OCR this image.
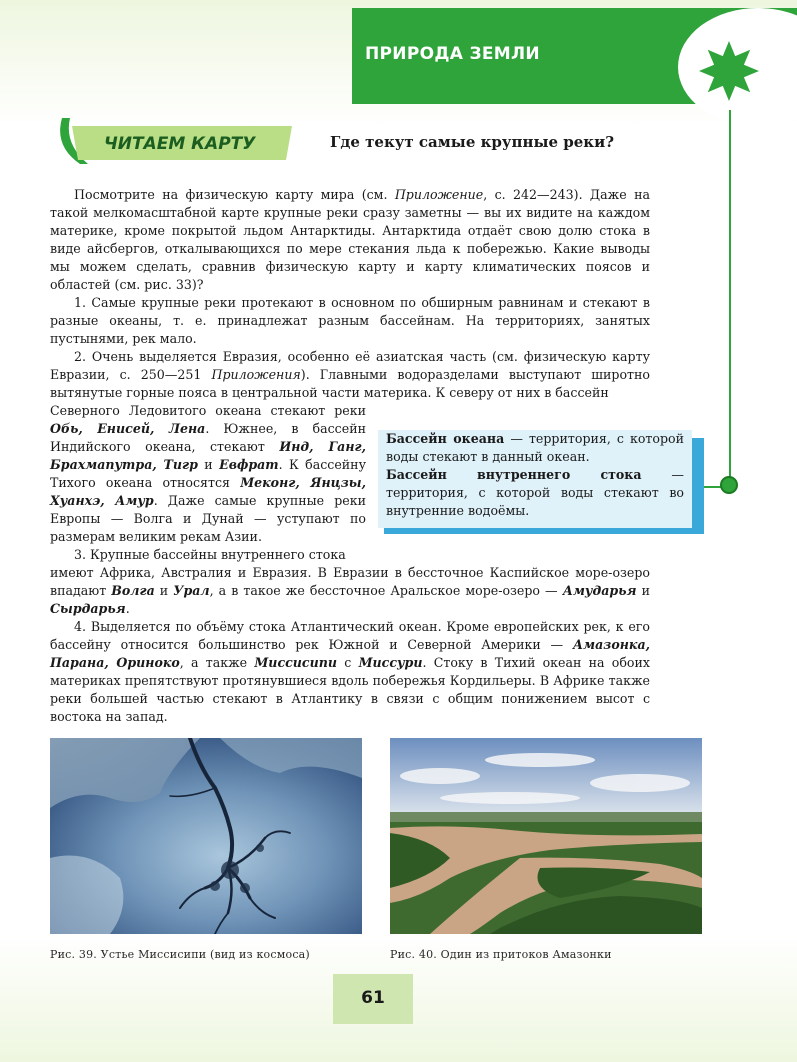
ПРИРОДА ЗЕМЛИ
ЧИТАЕМ КАРТУ	Где текут самые крупные реки?

Посмотрите на физическую карту мира (см. Приложение, с. 242—243). Даже на такой мелкомасштабной карте крупные реки сразу заметны — вы их видите на каждом материке, кроме покрытой льдом Антарктиды. Антарктида отдаёт свою долю стока в виде айсбергов, откалывающихся по мере стекания льда к побережью. Какие выводы мы можем сделать, сравнив физическую карту и карту климатических поясов и областей (см. рис. 33)?

1. Самые крупные реки протекают в основном по обширным равнинам и стекают в разные океаны, т. е. принадлежат разным бассейнам. На территориях, занятых пустынями, рек мало.

2. Очень выделяется Евразия, особенно её азиатская часть (см. физическую карту Евразии, с. 250—251 Приложения). Главными водоразделами выступают широтно вытянутые горные пояса в центральной части материка. К северу от них в бассейн

Северного Ледовитого океана стекают реки Обь, Енисей, Лена. Южнее, в бассейн Индийского океана, стекают Инд, Ганг, Брахмапутра, Тигр и Евфрат. К бассейну Тихого океана относятся Меконг, Янцзы, Хуанхэ, Амур. Даже самые крупные реки Европы — Волга и Дунай — уступают по размерам великим рекам Азии.

3. Крупные бассейны внутреннего стока

Бассейн океана — территория, с которой воды стекают в данный океан.

Бассейн внутреннего стока — территория, с которой воды стекают во внутренние водоёмы.

имеют Африка, Австралия и Евразия. В Евразии в бессточное Каспийское море-озеро впадают Волга и Урал, а в такое же бессточное Аральское море-озеро — Амударья и Сырдарья.

4. Выделяется по объёму стока Атлантический океан. Кроме европейских рек, к его бассейну относится большинство рек Южной и Северной Америки — Амазонка, Парана, Ориноко, а также Миссисипи с Миссури. Стоку в Тихий океан на обоих материках препятствуют протянувшиеся вдоль побережья Кордильеры. В Африке также реки большей частью стекают в Атлантику в связи с общим понижением высот с востока на запад.

Рис. 39. Устье Миссисипи (вид из космоса)	Рис. 40. Один из притоков Амазонки
61
